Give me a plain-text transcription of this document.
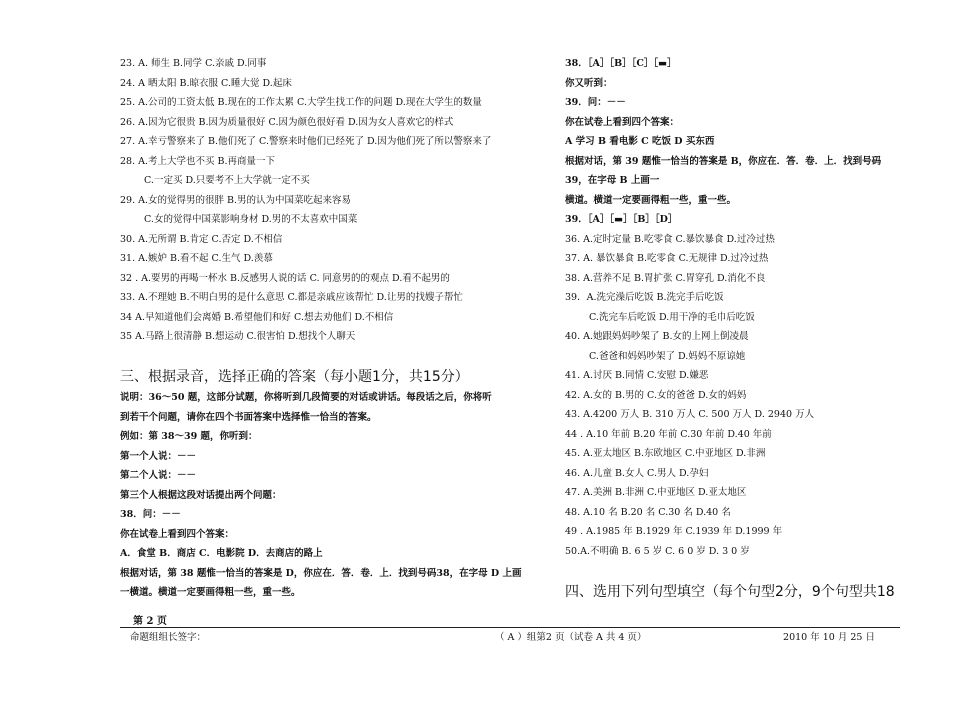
23. A. 师生 B.同学 C.亲戚 D.同事
24. A 晒太阳 B.晾衣服 C.睡大觉 D.起床
25. A.公司的工资太低 B.现在的工作太累 C.大学生找工作的问题 D.现在大学生的数量
26. A.因为它很贵 B.因为质量很好 C.因为颜色很好看 D.因为女人喜欢它的样式
27. A.幸亏警察来了 B.他们死了 C.警察来时他们已经死了 D.因为他们死了所以警察来了
28. A.考上大学也不买 B.再商量一下
C.一定买 D.只要考不上大学就一定不买
29. A.女的觉得男的很胖 B.男的认为中国菜吃起来容易
C.女的觉得中国菜影响身材 D.男的不太喜欢中国菜
30. A.无所谓 B.肯定 C.否定 D.不相信
31. A.嫉妒 B.看不起 C.生气 D.羡慕
32 . A.要男的再喝一杯水 B.反感男人说的话 C. 同意男的的观点 D.看不起男的
33. A.不理她 B.不明白男的是什么意思 C.都是亲戚应该帮忙 D.让男的找嫂子帮忙
34 A.早知道他们会离婚 B.希望他们和好 C.想去劝他们 D.不相信
35 A.马路上很清静 B.想运动 C.很害怕 D.想找个人聊天
三、根据录音，选择正确的答案（每小题1分，共15分）
说明：36～50 题，这部分试题，你将听到几段简要的对话或讲话。每段话之后，你将听
到若干个问题，请你在四个书面答案中选择惟一恰当的答案。
例如：第 38～39 题，你听到：
第一个人说：－－
第二个人说：－－
第三个人根据这段对话提出两个问题：
38．问：－－
你在试卷上看到四个答案：
A．食堂 B．商店 C．电影院 D．去商店的路上
根据对话，第 38 题惟一恰当的答案是 D，你应在．答．卷．上．找到号码38，在字母 D 上画
一横道。横道一定要画得粗一些，重一些。
第 2 页
38．［A］［B］［C］［▬］
你又听到：
39．问：－－
你在试卷上看到四个答案：
A 学习 B 看电影 C 吃饭 D 买东西
根据对话，第 39 题惟一恰当的答案是 B，你应在．答．卷．上．找到号码
39，在字母 B 上画一
横道。横道一定要画得粗一些，重一些。
39．［A］［▬］［B］［D］
36. A.定时定量 B.吃零食 C.暴饮暴食 D.过冷过热
37. A. 暴饮暴食 B.吃零食 C.无规律 D.过冷过热
38. A.营养不足 B.胃扩张 C.胃穿孔 D.消化不良
39．A.洗完澡后吃饭 B.洗完手后吃饭
C.洗完车后吃饭 D.用干净的毛巾后吃饭
40. A.她跟妈妈吵架了 B.女的上网上倒凌晨
C.爸爸和妈妈吵架了 D.妈妈不原谅她
41. A.讨厌 B.同情 C.安慰 D.嫌恶
42. A.女的 B.男的 C.女的爸爸 D.女的妈妈
43. A.4200 万人 B. 310 万人 C. 500 万人 D. 2940 万人
44 . A.10 年前 B.20 年前 C.30 年前 D.40 年前
45. A.亚太地区 B.东欧地区 C.中亚地区 D.非洲
46. A.儿童 B.女人 C.男人 D.孕妇
47. A.美洲 B.非洲 C.中亚地区 D.亚太地区
48. A.10 名 B.20 名 C.30 名 D.40 名
49 . A.1985 年 B.1929 年 C.1939 年 D.1999 年
50.A.不明确 B. 6 5 岁 C. 6 0 岁 D. 3 0 岁
四、选用下列句型填空（每个句型2分，9个句型共18
命题组组长签字：	（ A ）组第2 页（试卷 A 共 4 页）	2010 年 10 月 25 日
